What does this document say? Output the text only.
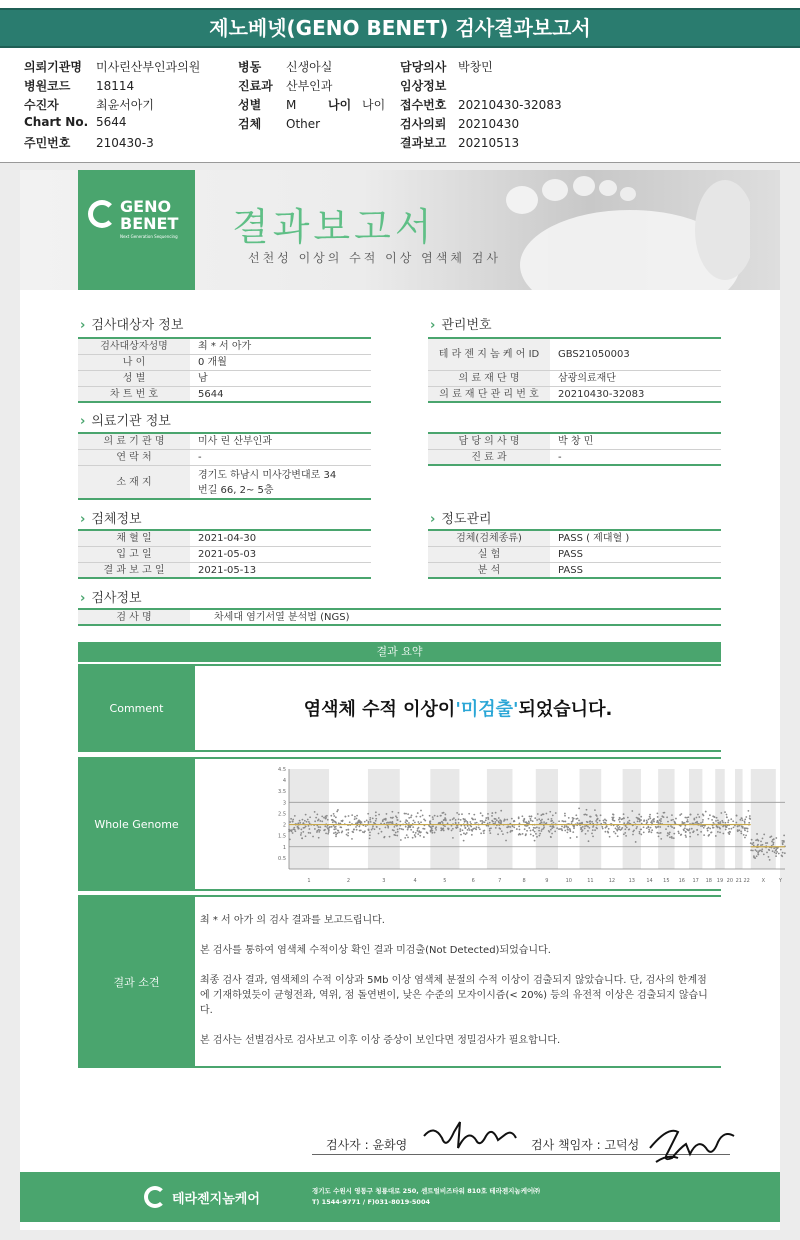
제노베넷(GENO BENET) 검사결과보고서
의뢰기관명 미사린산부인과의원
병원코드 18114
수진자	최윤서아기
Chart No. 5644
주민번호 210430-3
병동 신생아실
진료과 산부인과
성별 M	나이 나이
검체 Other
담당의사 박창민
임상정보
접수번호 20210430-32083
검사의뢰 20210430
결과보고 20210513
GENO
BENET
Next Generation Sequencing 결과보고서
선천성 이상의 수적 이상 염색체 검사
› 검사대상자 정보
검사대상자성명	최 * 서 아가
나 이	0 개월
성 별	남
차 트 번 호	5644
› 관리번호
테 라 젠 지 놈 케 어 ID	GBS21050003
의 료 재 단 명	삼광의료재단
의 료 재 단 관 리 번 호	20210430-32083
› 의료기관 정보
의 료 기 관 명	미사 린 산부인과
연 락 처	-
소 재 지
경기도 하남시 미사강변대로 34
번길 66, 2~ 5층
담 당 의 사 명	박 창 민
진 료 과	-
› 검체정보
채 혈 일	2021-04-30
입 고 일	2021-05-03
결 과 보 고 일	2021-05-13
› 정도관리
검체(검체종류)	PASS ( 제대혈 )
실 험	PASS
분 석	PASS
› 검사정보
검 사 명	차세대 염기서열 분석법 (NGS)
결과 요약
Comment	염색체 수적 이상이 '미검출' 되었습니다.
Whole Genome
4.5
4
3.5
3
2.5
2
1.5
1
0.5
1	2	3	4	5	6	7	8	9	10	11	12	13 14 15 16 17 18 19 20 21 22 X	Y
결과 소견

최 * 서 아가 의 검사 결과를 보고드립니다.

본 검사를 통하여 염색체 수적이상 확인 결과 미검출(Not Detected)되었습니다.

최종 검사 결과, 염색체의 수적 이상과 5Mb 이상 염색체 분절의 수적 이상이 검출되지 않았습니다. 단, 검사의 한계점에 기재하였듯이 균형전좌, 역위, 점 돌연변이, 낮은 수준의 모자이시즘(< 20%) 등의 유전적 이상은 검출되지 않습니다.

본 검사는 선별검사로 검사보고 이후 이상 증상이 보인다면 정밀검사가 필요합니다.

검사자 : 윤화영	검사 책임자 : 고덕성
테라젠지놈케어
경기도 수원시 영통구 청룡대로 250, 센트럴비즈타워 810호 테라젠지놈케어㈜
T) 1544-9771 / F)031-8019-5004
